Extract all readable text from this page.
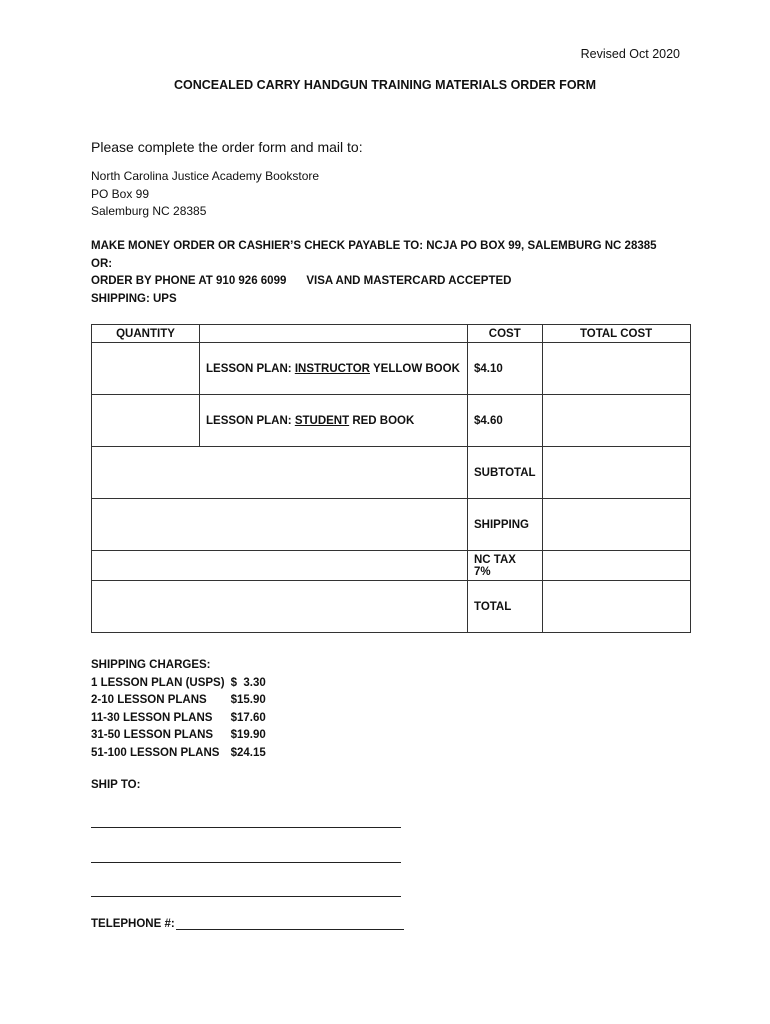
Revised Oct 2020
CONCEALED CARRY HANDGUN TRAINING MATERIALS ORDER FORM
Please complete the order form and mail to:
North Carolina Justice Academy Bookstore
PO Box 99
Salemburg NC 28385
MAKE MONEY ORDER OR CASHIER’S CHECK PAYABLE TO: NCJA PO BOX 99, SALEMBURG NC 28385
OR:
ORDER BY PHONE AT 910 926 6099 VISA AND MASTERCARD ACCEPTED
SHIPPING: UPS
QUANTITY		COST	TOTAL COST
	LESSON PLAN: INSTRUCTOR YELLOW BOOK	$4.10	
	LESSON PLAN: STUDENT RED BOOK	$4.60	
		SUBTOTAL	
		SHIPPING	
		NC TAX 7%	
		TOTAL	
SHIPPING CHARGES:
1 LESSON PLAN (USPS)	$  3.30
2-10 LESSON PLANS	$15.90
11-30 LESSON PLANS	$17.60
31-50 LESSON PLANS	$19.90
51-100 LESSON PLANS	$24.15
SHIP TO:
TELEPHONE #:
